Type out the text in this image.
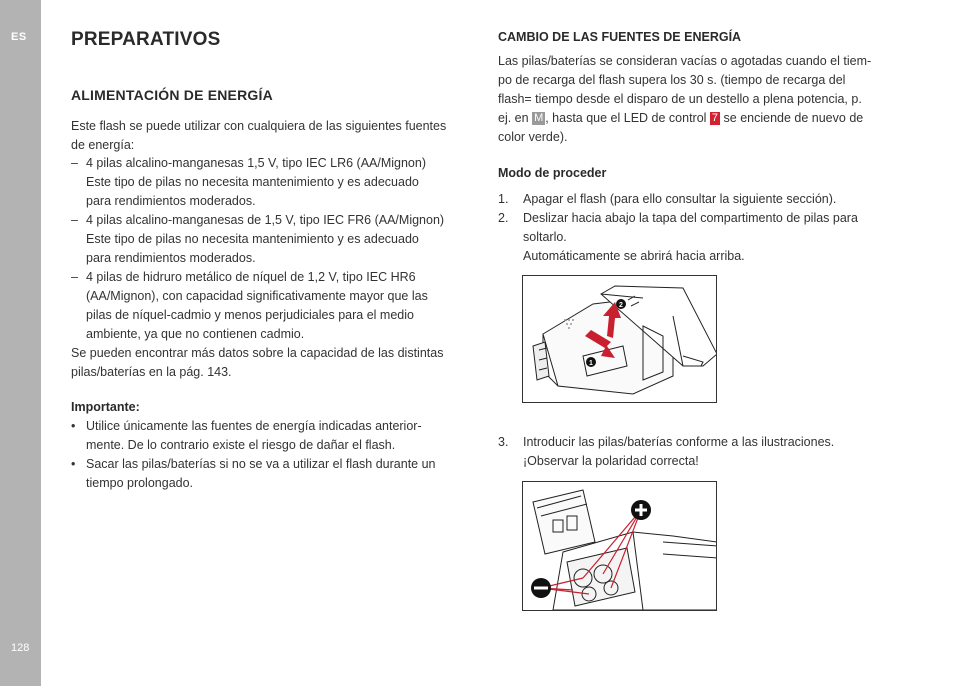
ES
128
PREPARATIVOS
ALIMENTACIÓN DE ENERGÍA
Este flash se puede utilizar con cualquiera de las siguientes fuentes
de energía:
– 4 pilas alcalino-manganesas 1,5 V, tipo IEC LR6 (AA/Mignon)
Este tipo de pilas no necesita mantenimiento y es adecuado
para rendimientos moderados.
– 4 pilas alcalino-manganesas de 1,5 V, tipo IEC FR6 (AA/Mignon)
Este tipo de pilas no necesita mantenimiento y es adecuado
para rendimientos moderados.
– 4 pilas de hidruro metálico de níquel de 1,2 V, tipo IEC HR6
(AA/Mignon), con capacidad significativamente mayor que las
pilas de níquel-cadmio y menos perjudiciales para el medio
ambiente, ya que no contienen cadmio.
Se pueden encontrar más datos sobre la capacidad de las distintas
pilas/baterías en la pág. 143.
Importante:
• Utilice únicamente las fuentes de energía indicadas anterior-
mente. De lo contrario existe el riesgo de dañar el flash.
• Sacar las pilas/baterías si no se va a utilizar el flash durante un
tiempo prolongado.
CAMBIO DE LAS FUENTES DE ENERGÍA
Las pilas/baterías se consideran vacías o agotadas cuando el tiem-
po de recarga del flash supera los 30 s. (tiempo de recarga del
flash= tiempo desde el disparo de un destello a plena potencia, p.
ej. en M , hasta que el LED de control 7 se enciende de nuevo de
color verde).
Modo de proceder
1.	Apagar el flash (para ello consultar la siguiente sección).
2.	Deslizar hacia abajo la tapa del compartimento de pilas para
soltarlo.
Automáticamente se abrirá hacia arriba.
1
2
3.	Introducir las pilas/baterías conforme a las ilustraciones.
¡Observar la polaridad correcta!
